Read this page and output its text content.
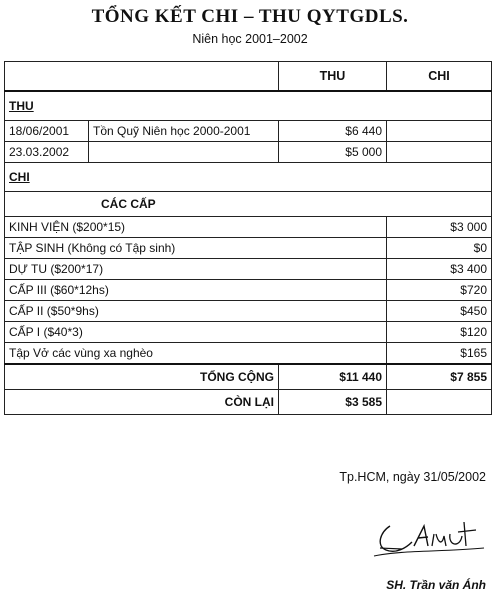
TỔNG KẾT CHI – THU QYTGDLS.
Niên học 2001–2002
		THU	CHI
THU			
18/06/2001	Tồn Quỹ Niên học 2000-2001	$6 440	
23.03.2002		$5 000	
CHI			
CÁC CẤP			
KINH VIỆN ($200*15)			$3 000
TẬP SINH (Không có Tập sinh)			$0
DỰ TU ($200*17)			$3 400
CẤP III ($60*12hs)			$720
CẤP II ($50*9hs)			$450
CẤP I ($40*3)			$120
Tập Vở các vùng xa nghèo			$165
TỔNG CỘNG		$11 440	$7 855
CÒN LẠI		$3 585	
Tp.HCM, ngày 31/05/2002
SH. Trần văn Ánh
